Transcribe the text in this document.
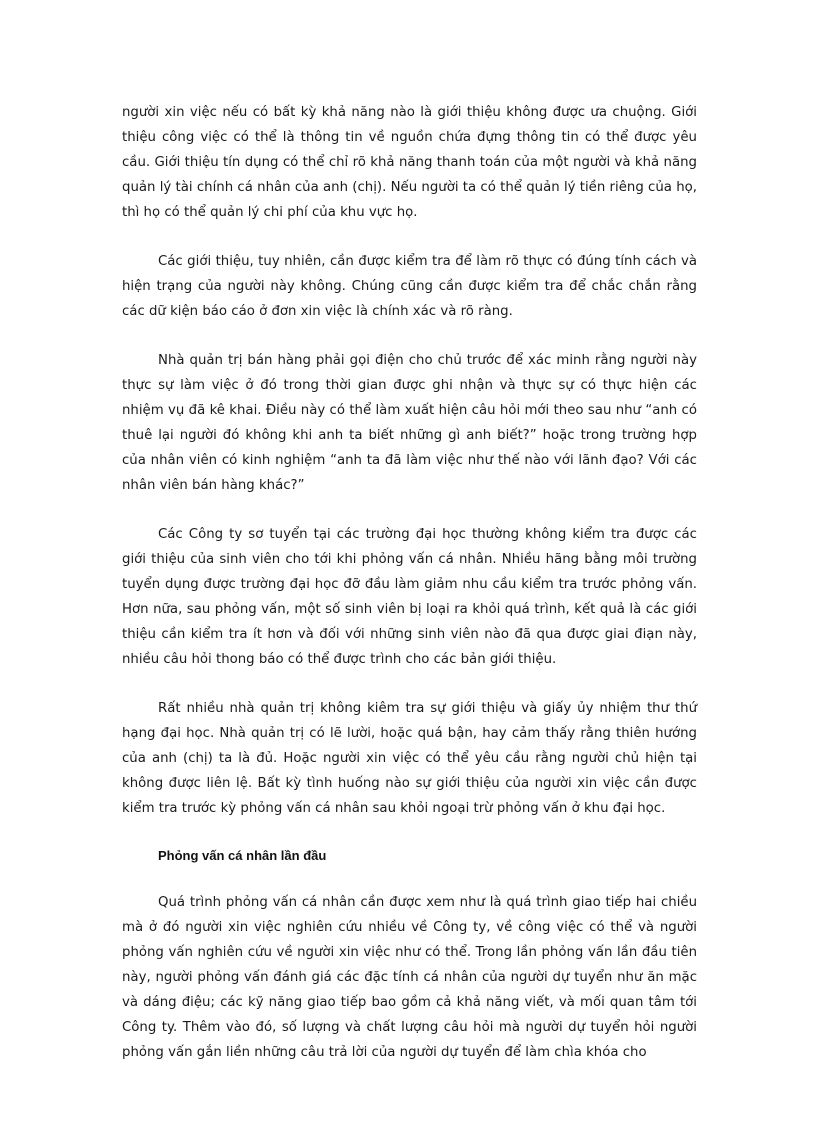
người xin việc nếu có bất kỳ khả năng nào là giới thiệu không được ưa chuộng. Giới thiệu công việc có thể là thông tin về nguồn chứa đựng thông tin có thể được yêu cầu. Giới thiệu tín dụng có thể chỉ rõ khả năng thanh toán của một người và khả năng quản lý tài chính cá nhân của anh (chị). Nếu người ta có thể quản lý tiền riêng của họ, thì họ có thể quản lý chi phí của khu vực họ.

Các giới thiệu, tuy nhiên, cần được kiểm tra để làm rõ thực có đúng tính cách và hiện trạng của người này không. Chúng cũng cần được kiểm tra để chắc chắn rằng các dữ kiện báo cáo ở đơn xin việc là chính xác và rõ ràng.

Nhà quản trị bán hàng phải gọi điện cho chủ trước để xác minh rằng người này thực sự làm việc ở đó trong thời gian được ghi nhận và thực sự có thực hiện các nhiệm vụ đã kê khai. Điều này có thể làm xuất hiện câu hỏi mới theo sau như “anh có thuê lại người đó không khi anh ta biết những gì anh biết?” hoặc trong trường hợp của nhân viên có kinh nghiệm “anh ta đã làm việc như thế nào với lãnh đạo? Với các nhân viên bán hàng khác?”

Các Công ty sơ tuyển tại các trường đại học thường không kiểm tra được các giới thiệu của sinh viên cho tới khi phỏng vấn cá nhân. Nhiều hãng bằng môi trường tuyển dụng được trường đại học đỡ đầu làm giảm nhu cầu kiểm tra trước phỏng vấn. Hơn nữa, sau phỏng vấn, một số sinh viên bị loại ra khỏi quá trình, kết quả là các giới thiệu cần kiểm tra ít hơn và đối với những sinh viên nào đã qua được giai điạn này, nhiều câu hỏi thong báo có thể được trình cho các bản giới thiệu.

Rất nhiều nhà quản trị không kiêm tra sự giới thiệu và giấy ủy nhiệm thư thứ hạng đại học. Nhà quản trị có lẽ lười, hoặc quá bận, hay cảm thấy rằng thiên hướng của anh (chị) ta là đủ. Hoặc người xin việc có thể yêu cầu rằng người chủ hiện tại không được liên lệ. Bất kỳ tình huống nào sự giới thiệu của người xin việc cần được kiểm tra trước kỳ phỏng vấn cá nhân sau khỏi ngoại trừ phỏng vấn ở khu đại học.

Phỏng vấn cá nhân lần đầu

Quá trình phỏng vấn cá nhân cần được xem như là quá trình giao tiếp hai chiều mà ở đó người xin việc nghiên cứu nhiều về Công ty, về công việc có thể và người phỏng vấn nghiên cứu về người xin việc như có thể. Trong lần phỏng vấn lần đầu tiên này, người phỏng vấn đánh giá các đặc tính cá nhân của người dự tuyển như ăn mặc và dáng điệu; các kỹ năng giao tiếp bao gồm cả khả năng viết, và mối quan tâm tới Công ty. Thêm vào đó, số lượng và chất lượng câu hỏi mà người dự tuyển hỏi người phỏng vấn gắn liền những câu trả lời của người dự tuyển để làm chìa khóa cho
